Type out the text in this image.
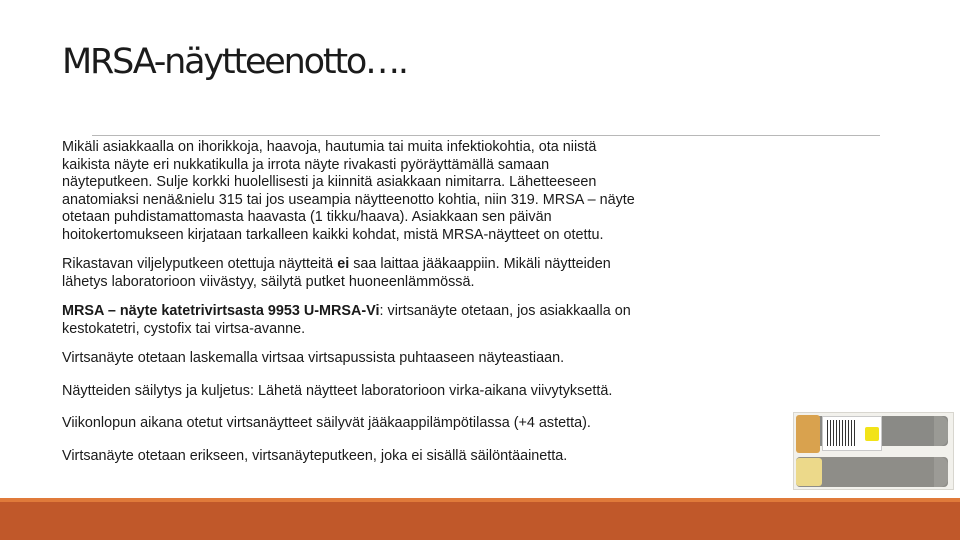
MRSA-näytteenotto….
Mikäli asiakkaalla on ihorikkoja, haavoja, hautumia tai muita infektiokohtia, ota niistä
kaikista näyte eri nukkatikulla ja irrota näyte rivakasti pyöräyttämällä samaan
näyteputkeen. Sulje korkki huolellisesti ja kiinnitä asiakkaan nimitarra. Lähetteeseen
anatomiaksi nenä&nielu 315 tai jos useampia näytteenotto kohtia, niin 319. MRSA – näyte
otetaan puhdistamattomasta haavasta (1 tikku/haava). Asiakkaan sen päivän
hoitokertomukseen kirjataan tarkalleen kaikki kohdat, mistä MRSA-näytteet on otettu.
Rikastavan viljelyputkeen otettuja näytteitä ei saa laittaa jääkaappiin. Mikäli näytteiden
lähetys laboratorioon viivästyy, säilytä putket huoneenlämmössä.
MRSA – näyte katetrivirtsasta 9953 U-MRSA-Vi: virtsanäyte otetaan, jos asiakkaalla on
kestokatetri, cystofix tai virtsa-avanne.
Virtsanäyte otetaan laskemalla virtsaa virtsapussista puhtaaseen näyteastiaan.
Näytteiden säilytys ja kuljetus: Lähetä näytteet laboratorioon virka-aikana viivytyksettä.
Viikonlopun aikana otetut virtsanäytteet säilyvät jääkaappilämpötilassa (+4 astetta).
Virtsanäyte otetaan erikseen, virtsanäyteputkeen, joka ei sisällä säilöntäainetta.
